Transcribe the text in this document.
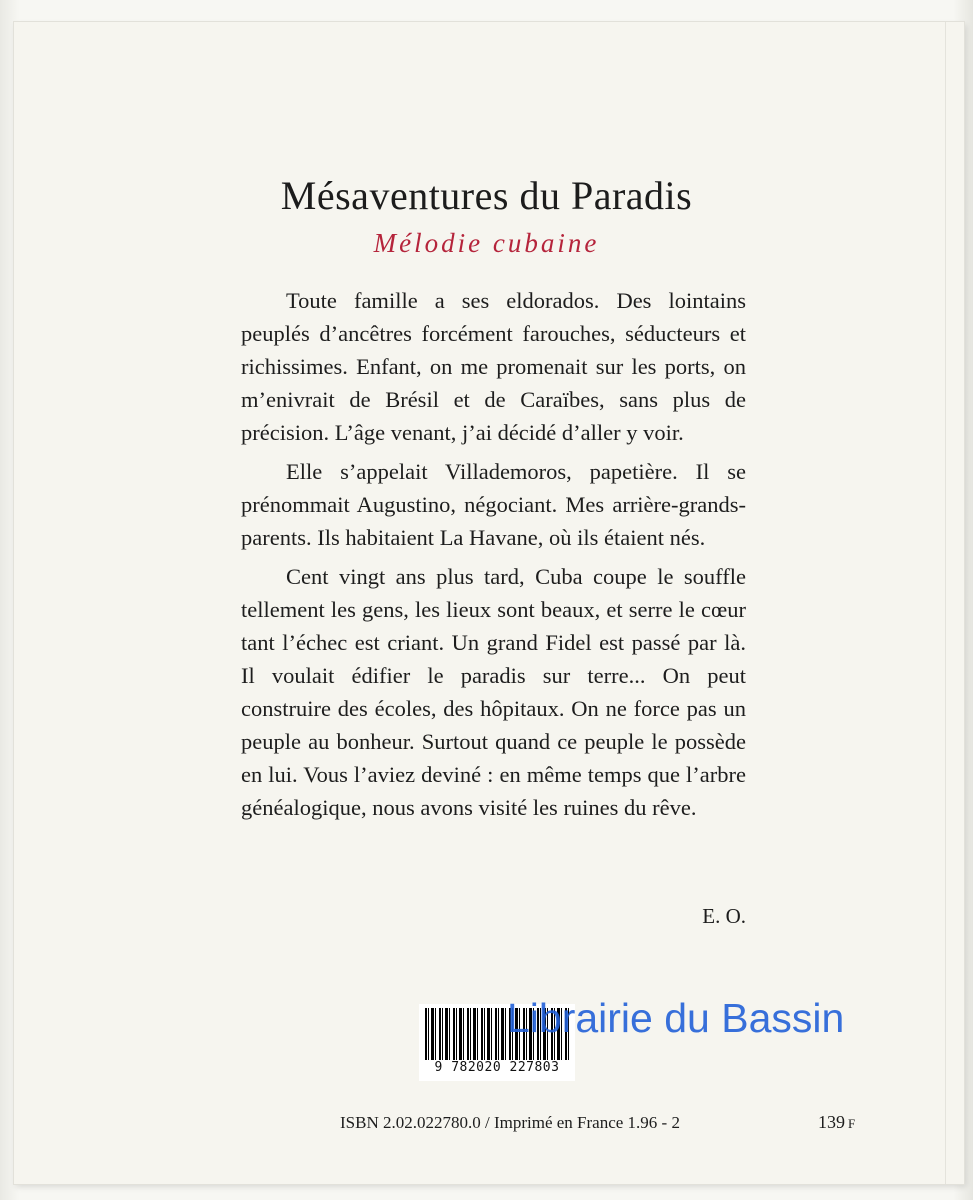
Mésaventures du Paradis
Mélodie cubaine

Toute famille a ses eldorados. Des lointains peuplés d’ancêtres forcément farouches, séducteurs et richissimes. Enfant, on me promenait sur les ports, on m’enivrait de Brésil et de Caraïbes, sans plus de précision. L’âge venant, j’ai décidé d’aller y voir.

Elle s’appelait Villademoros, papetière. Il se prénommait Augustino, négociant. Mes arrière-grands-parents. Ils habitaient La Havane, où ils étaient nés.

Cent vingt ans plus tard, Cuba coupe le souffle tellement les gens, les lieux sont beaux, et serre le cœur tant l’échec est criant. Un grand Fidel est passé par là. Il voulait édifier le paradis sur terre... On peut construire des écoles, des hôpitaux. On ne force pas un peuple au bonheur. Surtout quand ce peuple le possède en lui. Vous l’aviez deviné : en même temps que l’arbre généalogique, nous avons visité les ruines du rêve.

E. O.
9 782020 227803
Librairie du Bassin
ISBN 2.02.022780.0 / Imprimé en France 1.96 - 2	139 F
